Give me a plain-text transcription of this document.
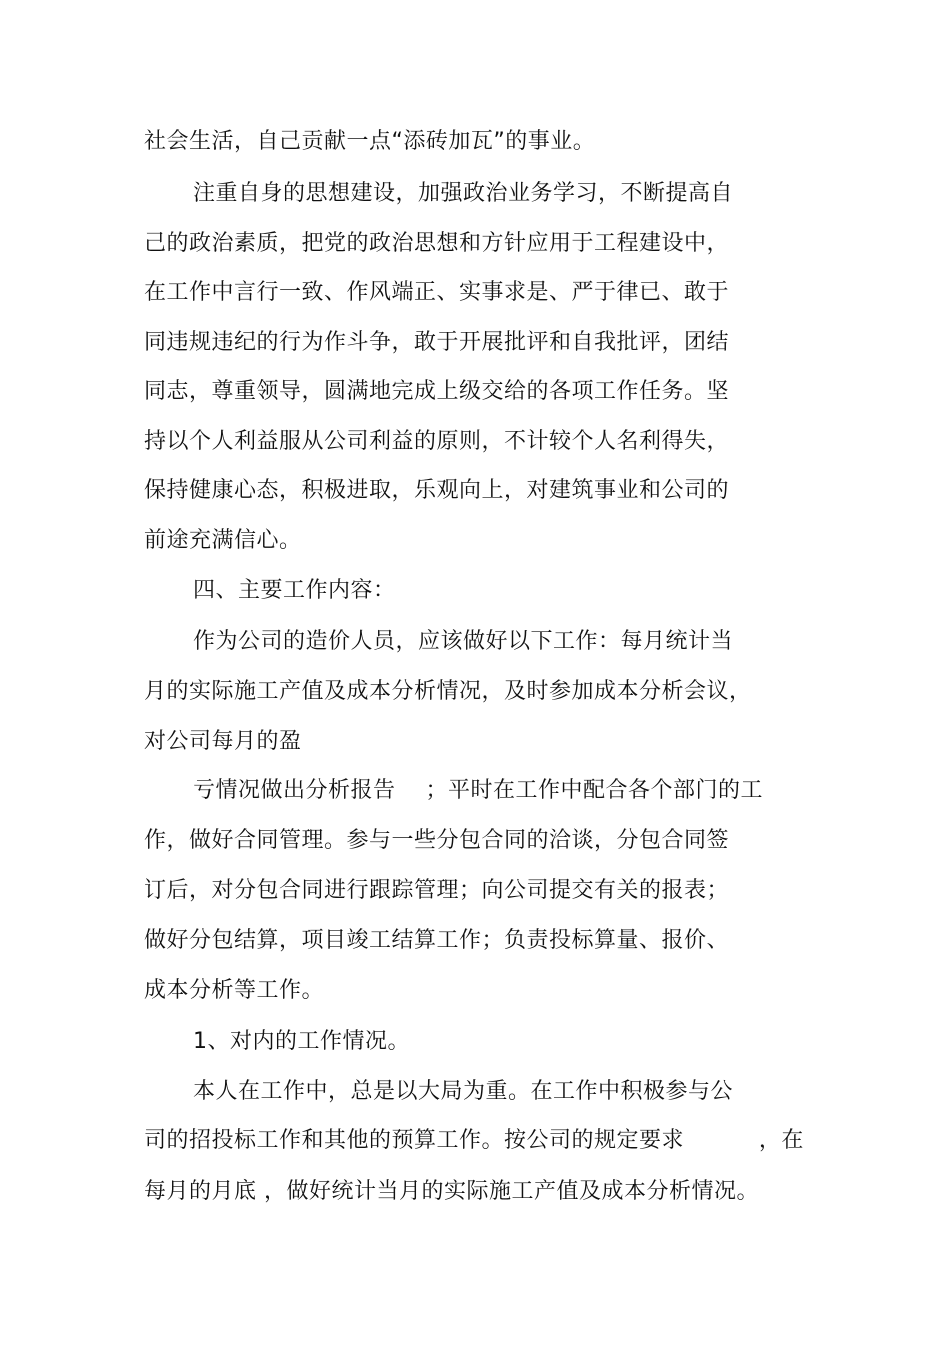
社会生活，自己贡献一点“添砖加瓦”的事业。

注重自身的思想建设，加强政治业务学习，不断提高自

己的政治素质，把党的政治思想和方针应用于工程建设中，

在工作中言行一致、作风端正、实事求是、严于律已、敢于

同违规违纪的行为作斗争，敢于开展批评和自我批评，团结

同志，尊重领导，圆满地完成上级交给的各项工作任务。坚

持以个人利益服从公司利益的原则，不计较个人名利得失，

保持健康心态，积极进取，乐观向上，对建筑事业和公司的

前途充满信心。

四、主要工作内容：

作为公司的造价人员，应该做好以下工作：每月统计当

月的实际施工产值及成本分析情况，及时参加成本分析会议，

对公司每月的盈

亏情况做出分析报告    ；平时在工作中配合各个部门的工

作，做好合同管理。参与一些分包合同的洽谈，分包合同签

订后，对分包合同进行跟踪管理；向公司提交有关的报表；

做好分包结算，项目竣工结算工作；负责投标算量、报价、

成本分析等工作。

1、对内的工作情况。

本人在工作中，总是以大局为重。在工作中积极参与公

司的招投标工作和其他的预算工作。按公司的规定要求          ，在

每月的月底 ，做好统计当月的实际施工产值及成本分析情况。
